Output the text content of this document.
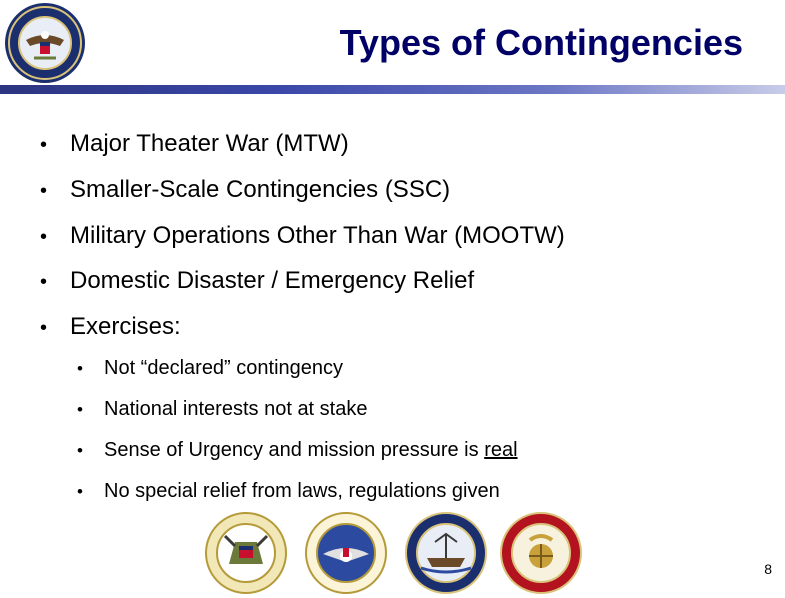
Types of Contingencies
• Major Theater War (MTW)
• Smaller-Scale Contingencies (SSC)
• Military Operations Other Than War (MOOTW)
• Domestic Disaster / Emergency Relief
• Exercises:
•	Not “declared” contingency
•	National interests not at stake
•	Sense of Urgency and mission pressure is real
•	No special relief from laws, regulations given
8
